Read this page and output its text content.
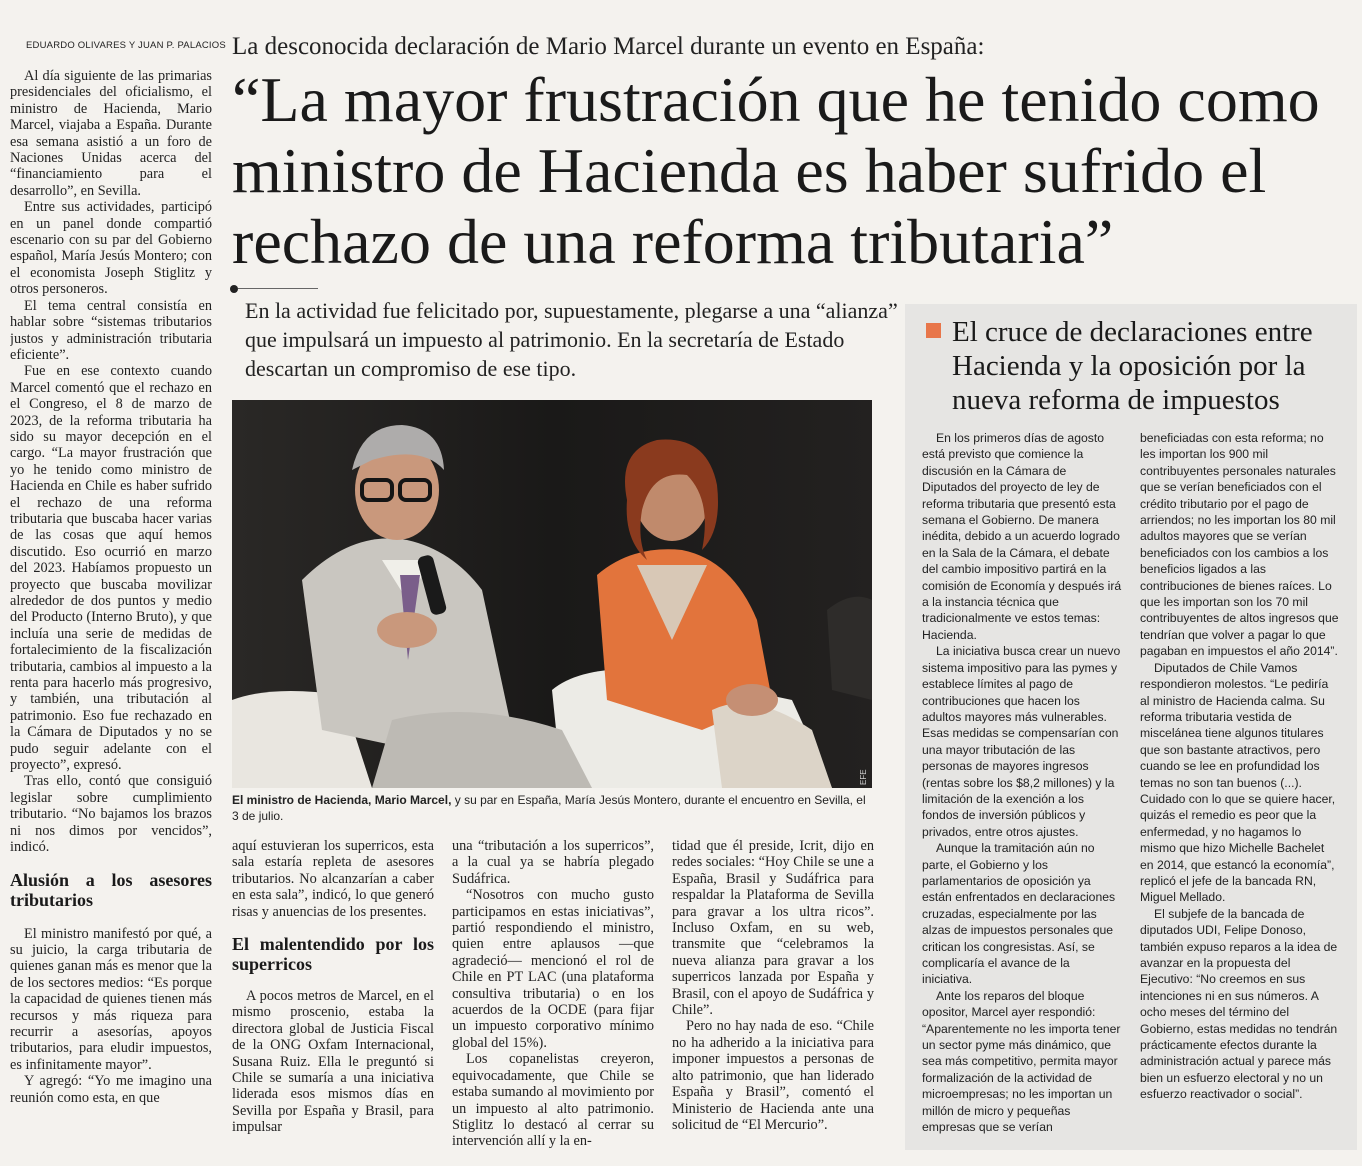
EDUARDO OLIVARES Y JUAN P. PALACIOS La desconocida declaración de Mario Marcel durante un evento en España:
“La mayor frustración que he tenido como ministro de Hacienda es haber sufrido el rechazo de una reforma tributaria”

En la actividad fue felicitado por, supuestamente, plegarse a una “alianza” que impulsará un impuesto al patrimonio. En la secretaría de Estado descartan un compromiso de ese tipo.

Al día siguiente de las primarias presidenciales del oficialismo, el ministro de Hacienda, Mario Marcel, viajaba a España. Durante esa semana asistió a un foro de Naciones Unidas acerca del “financiamiento para el desarrollo”, en Sevilla.

Entre sus actividades, participó en un panel donde compartió escenario con su par del Gobierno español, María Jesús Montero; con el economista Joseph Stiglitz y otros personeros.

El tema central consistía en hablar sobre “sistemas tributarios justos y administración tributaria eficiente”.

Fue en ese contexto cuando Marcel comentó que el rechazo en el Congreso, el 8 de marzo de 2023, de la reforma tributaria ha sido su mayor decepción en el cargo. “La mayor frustración que yo he tenido como ministro de Hacienda en Chile es haber sufrido el rechazo de una reforma tributaria que buscaba hacer varias de las cosas que aquí hemos discutido. Eso ocurrió en marzo del 2023. Habíamos propuesto un proyecto que buscaba movilizar alrededor de dos puntos y medio del Producto (Interno Bruto), y que incluía una serie de medidas de fortalecimiento de la fiscalización tributaria, cambios al impuesto a la renta para hacerlo más progresivo, y también, una tributación al patrimonio. Eso fue rechazado en la Cámara de Diputados y no se pudo seguir adelante con el proyecto”, expresó.

Tras ello, contó que consiguió legislar sobre cumplimiento tributario. “No bajamos los brazos ni nos dimos por vencidos”, indicó.

Alusión a los asesores tributarios

El ministro manifestó por qué, a su juicio, la carga tributaria de quienes ganan más es menor que la de los sectores medios: “Es porque la capacidad de quienes tienen más recursos y más riqueza para recurrir a asesorías, apoyos tributarios, para eludir impuestos, es infinitamente mayor”.

Y agregó: “Yo me imagino una reunión como esta, en que

EFE
El ministro de Hacienda, Mario Marcel, y su par en España, María Jesús Montero, durante el encuentro en Sevilla, el 3 de julio.

aquí estuvieran los superricos, esta sala estaría repleta de asesores tributarios. No alcanzarían a caber en esta sala”, indicó, lo que generó risas y anuencias de los presentes.

El malentendido por los superricos

A pocos metros de Marcel, en el mismo proscenio, estaba la directora global de Justicia Fiscal de la ONG Oxfam Internacional, Susana Ruiz. Ella le preguntó si Chile se sumaría a una iniciativa liderada esos mismos días en Sevilla por España y Brasil, para impulsar

una “tributación a los superricos”, a la cual ya se habría plegado Sudáfrica.

“Nosotros con mucho gusto participamos en estas iniciativas”, partió respondiendo el ministro, quien entre aplausos —que agradeció— mencionó el rol de Chile en PT LAC (una plataforma consultiva tributaria) o en los acuerdos de la OCDE (para fijar un impuesto corporativo mínimo global del 15%).

Los copanelistas creyeron, equivocadamente, que Chile se estaba sumando al movimiento por un impuesto al alto patrimonio. Stiglitz lo destacó al cerrar su intervención allí y la en-

tidad que él preside, Icrit, dijo en redes sociales: “Hoy Chile se une a España, Brasil y Sudáfrica para respaldar la Plataforma de Sevilla para gravar a los ultra ricos”. Incluso Oxfam, en su web, transmite que “celebramos la nueva alianza para gravar a los superricos lanzada por España y Brasil, con el apoyo de Sudáfrica y Chile”.

Pero no hay nada de eso. “Chile no ha adherido a la iniciativa para imponer impuestos a personas de alto patrimonio, que han liderado España y Brasil”, comentó el Ministerio de Hacienda ante una solicitud de “El Mercurio”.

El cruce de declaraciones entre Hacienda y la oposición por la nueva reforma de impuestos

En los primeros días de agosto está previsto que comience la discusión en la Cámara de Diputados del proyecto de ley de reforma tributaria que presentó esta semana el Gobierno. De manera inédita, debido a un acuerdo logrado en la Sala de la Cámara, el debate del cambio impositivo partirá en la comisión de Economía y después irá a la instancia técnica que tradicionalmente ve estos temas: Hacienda.

La iniciativa busca crear un nuevo sistema impositivo para las pymes y establece límites al pago de contribuciones que hacen los adultos mayores más vulnerables. Esas medidas se compensarían con una mayor tributación de las personas de mayores ingresos (rentas sobre los $8,2 millones) y la limitación de la exención a los fondos de inversión públicos y privados, entre otros ajustes.

Aunque la tramitación aún no parte, el Gobierno y los parlamentarios de oposición ya están enfrentados en declaraciones cruzadas, especialmente por las alzas de impuestos personales que critican los congresistas. Así, se complicaría el avance de la iniciativa.

Ante los reparos del bloque opositor, Marcel ayer respondió: “Aparentemente no les importa tener un sector pyme más dinámico, que sea más competitivo, permita mayor formalización de la actividad de microempresas; no les importan un millón de micro y pequeñas empresas que se verían

beneficiadas con esta reforma; no les importan los 900 mil contribuyentes personales naturales que se verían beneficiados con el crédito tributario por el pago de arriendos; no les importan los 80 mil adultos mayores que se verían beneficiados con los cambios a los beneficios ligados a las contribuciones de bienes raíces. Lo que les importan son los 70 mil contribuyentes de altos ingresos que tendrían que volver a pagar lo que pagaban en impuestos el año 2014”.

Diputados de Chile Vamos respondieron molestos. “Le pediría al ministro de Hacienda calma. Su reforma tributaria vestida de miscelánea tiene algunos titulares que son bastante atractivos, pero cuando se lee en profundidad los temas no son tan buenos (...). Cuidado con lo que se quiere hacer, quizás el remedio es peor que la enfermedad, y no hagamos lo mismo que hizo Michelle Bachelet en 2014, que estancó la economía”, replicó el jefe de la bancada RN, Miguel Mellado.

El subjefe de la bancada de diputados UDI, Felipe Donoso, también expuso reparos a la idea de avanzar en la propuesta del Ejecutivo: “No creemos en sus intenciones ni en sus números. A ocho meses del término del Gobierno, estas medidas no tendrán prácticamente efectos durante la administración actual y parece más bien un esfuerzo electoral y no un esfuerzo reactivador o social”.
